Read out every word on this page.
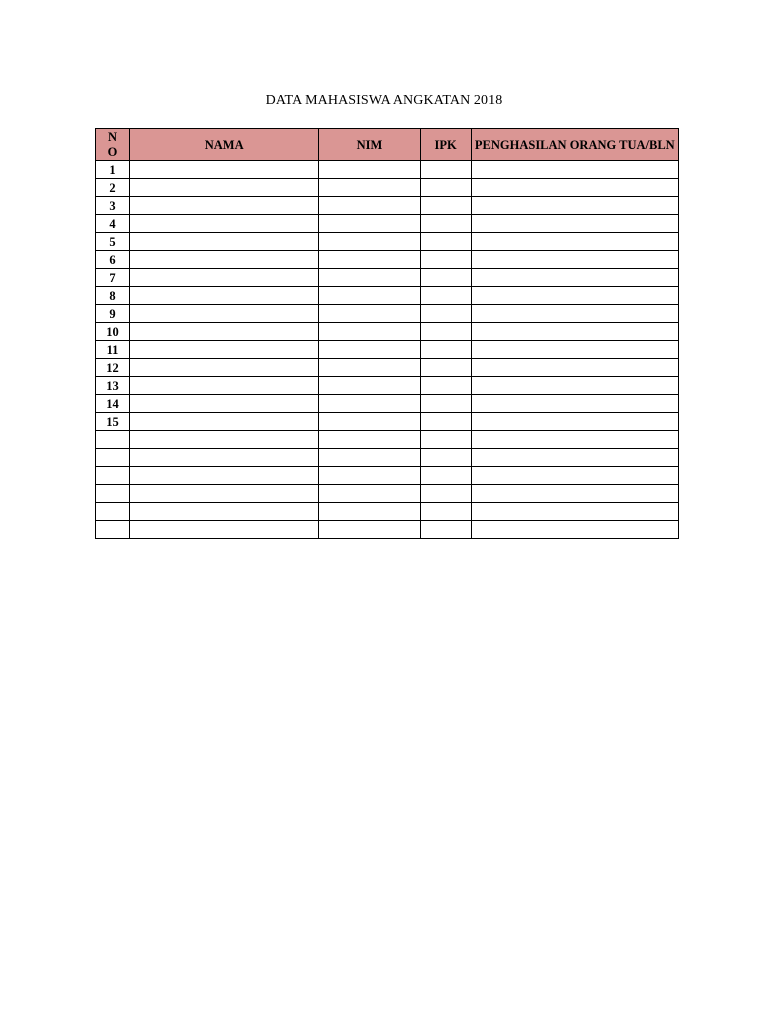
DATA MAHASISWA ANGKATAN 2018
NO	NAMA	NIM	IPK	PENGHASILAN ORANG TUA/BLN
1				
2				
3				
4				
5				
6				
7				
8				
9				
10				
11				
12				
13				
14				
15				
